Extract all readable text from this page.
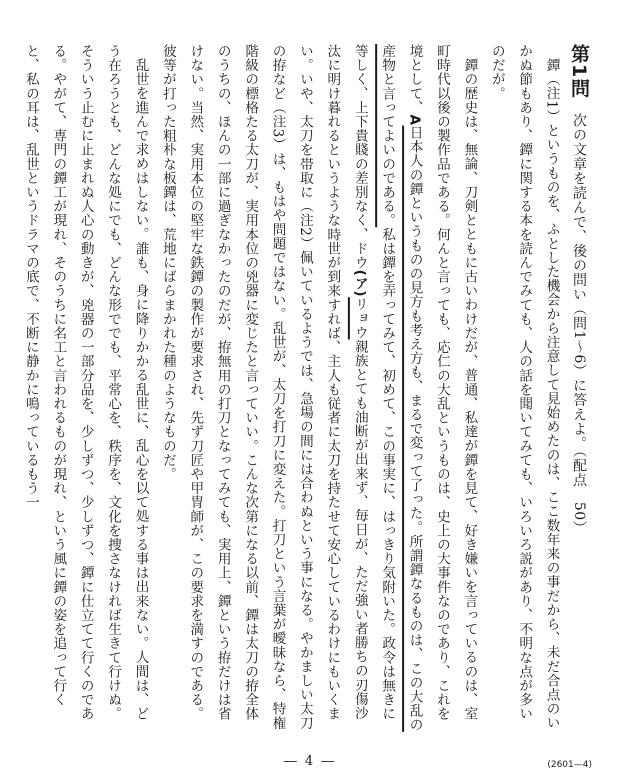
第1問 次の文章を読んで、後の問い（問1〜6）に答えよ。（配点　50）
鐔（注1）というものを、ふとした機会から注意して見始めたのは、ここ数年来の事だから、未だ合点のいかぬ節もあり、鐔に関する本を読んでみても、人の話を聞いてみても、いろいろ説があり、不明な点が多いのだが。
鐔の歴史は、無論、刀剣とともに古いわけだが、普通、私達が鐔を見て、好き嫌いを言っているのは、室町時代以後の製作品である。何んと言っても、応仁の大乱というものは、史上の大事件なのであり、これを境として、A日本人の鐔というものの見方も考え方も、まるで変って了った。所謂鐔なるものは、この大乱の産物と言ってよいのである。私は鐔を弄ってみて、初めて、この事実に、はっきり気附いた。政令は無きに等しく、上下貴賤の差別なく、ドウ(ア)リョウ親族とても油断が出来ず、毎日が、ただ強い者勝ちの刃傷沙汰に明け暮れるというような時世が到来すれば、主人も従者に太刀を持たせて安心しているわけにもいくまい。いや、太刀を帯取に（注2）佩いているようでは、急場の間には合わぬという事になる。やかましい太刀の拵など（注3）は、もはや問題ではない。乱世が、太刀を打刀に変えた。打刀という言葉が曖昧なら、特権階級の標格たる太刀が、実用本位の兇器に変じたと言っていい。こんな次第になる以前、鐔は太刀の拵全体のうちの、ほんの一部に過ぎなかったのだが、拵無用の打刀となってみても、実用上、鐔という拵だけは省けない。当然、実用本位の堅牢な鉄鐔の製作が要求され、先ず刀匠や甲冑師が、この要求を満すのである。彼等が打った粗朴な板鐔は、荒地にばらまかれた種のようなものだ。
乱世を進んで求めはしない。誰も、身に降りかかる乱世に、乱心を以て処する事は出来ない。人間は、どう在ろうとも、どんな処にでも、どんな形ででも、平常心を、秩序を、文化を捜さなければ生きて行けぬ。そういう止むに止まれぬ人心の動きが、兇器の一部分品を、少しずつ、少しずつ、鐔に仕立てて行くのである。やがて、専門の鐔工が現れ、そのうちに名工と言われるものが現れ、という風に鐔の姿を追って行くと、私の耳は、乱世というドラマの底で、不断に静かに鳴っているもう一
― 4 ―	(2601—4)
